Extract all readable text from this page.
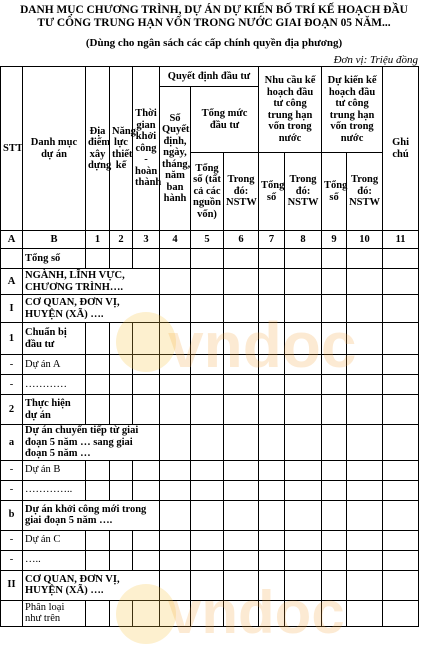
DANH MỤC CHƯƠNG TRÌNH, DỰ ÁN DỰ KIẾN BỐ TRÍ KẾ HOẠCH ĐẦU
TƯ CÔNG TRUNG HẠN VỐN TRONG NƯỚC GIAI ĐOẠN 05 NĂM...
(Dùng cho ngân sách các cấp chính quyền địa phương)
Đơn vị: Triệu đồng
STT	Danh mục dự án	Địa điểm xây dựng	Năng lực thiết kế	Thời gian khởi công - hoàn thành	Quyết định đầu tư			Nhu cầu kế hoạch đầu tư công trung hạn vốn trong nước		Dự kiến kế hoạch đầu tư công trung hạn vốn trong nước		Ghi chú
					Số Quyết định, ngày, tháng, năm ban hành	Tổng mức đầu tư						
						Tổng số (tất cả các nguồn vốn)	Trong đó: NSTW	Tổng số	Trong đó: NSTW	Tổng số	Trong đó: NSTW	
A	B	1	2	3	4	5	6	7	8	9	10	11
	Tổng số											
A	NGÀNH, LĨNH VỰC, CHƯƠNG TRÌNH….											
I	CƠ QUAN, ĐƠN VỊ, HUYỆN (XÃ) ….											
1	Chuẩn bị đầu tư											
-	Dự án A											
-	…………											
2	Thực hiện dự án											
a	Dự án chuyển tiếp từ giai đoạn 5 năm … sang giai đoạn 5 năm …											
-	Dự án B											
-	…………..											
b	Dự án khởi công mới trong giai đoạn 5 năm ….											
-	Dự án C											
-	…..											
II	CƠ QUAN, ĐƠN VỊ, HUYỆN (XÃ) ….											
	Phân loại như trên											
vndoc
vndoc
